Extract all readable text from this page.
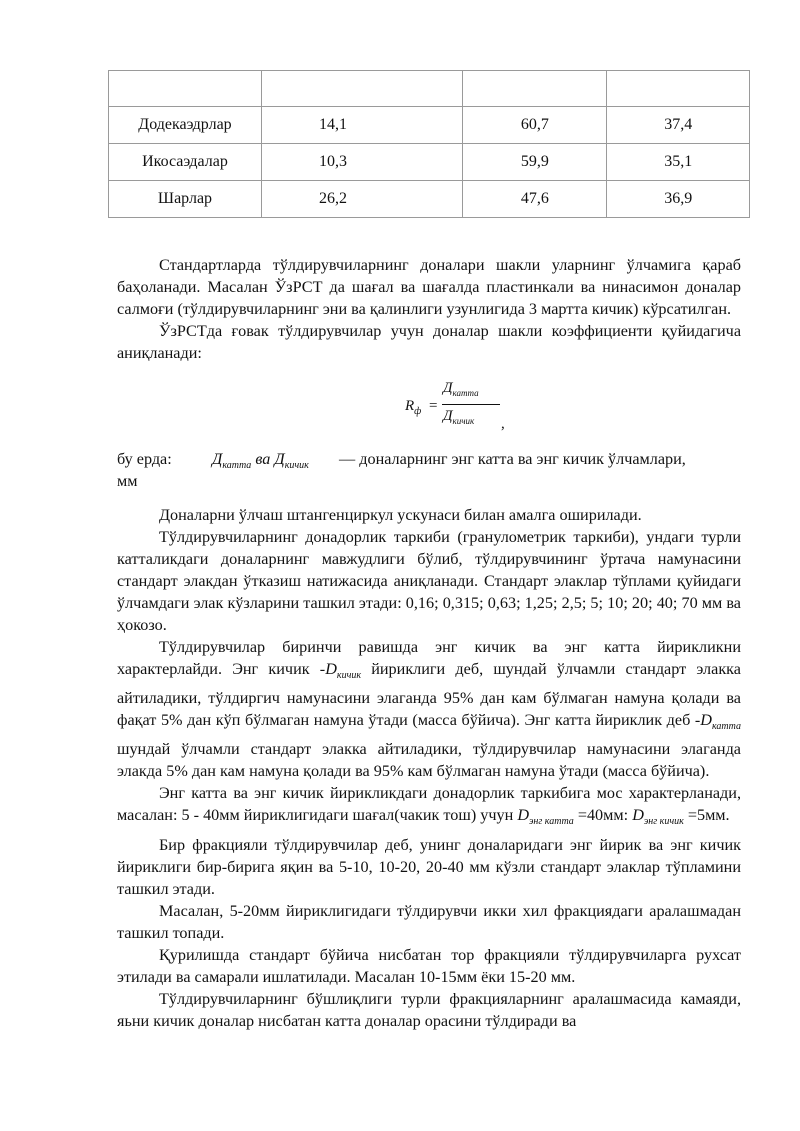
Додекаэдрлар	14,1	60,7	37,4
Икосаэдалар	10,3	59,9	35,1
Шарлар	26,2	47,6	36,9

Стандартларда тўлдирувчиларнинг доналари шакли уларнинг ўлчамига қараб баҳоланади. Масалан ЎзРСТ да шағал ва шағалда пластинкали ва нинасимон доналар салмоғи (тўлдирувчиларнинг эни ва қалинлиги узунлигида 3 мартта кичик) кўрсатилган.

ЎзРСТда ғовак тўлдирувчилар учун доналар шакли коэффициенти қуйидагича аниқланади:

$R_ф$ =
$Д_{катта}$
$Д_{кичик}$ ,
бу ерда: $Д_{катта}$ ва $Д_{кичик}$ — доналарнинг энг катта ва энг кичик ўлчамлари,
мм

Доналарни ўлчаш штангенциркул ускунаси билан амалга оширилади.

Тўлдирувчиларнинг донадорлик таркиби (гранулометрик таркиби), ундаги турли катталикдаги доналарнинг мавжудлиги бўлиб, тўлдирувчининг ўртача намунасини стандарт элакдан ўтказиш натижасида аниқланади. Стандарт элаклар тўплами қуйидаги ўлчамдаги элак кўзларини ташкил этади: 0,16; 0,315; 0,63; 1,25; 2,5; 5; 10; 20; 40; 70 мм ва ҳокозо.

Тўлдирувчилар биринчи равишда энг кичик ва энг катта йирикликни характерлайди. Энг кичик $-D_{кичик}$ йириклиги деб, шундай ўлчамли стандарт элакка айтиладики, тўлдиргич намунасини элаганда 95% дан кам бўлмаган намуна қолади ва фақат 5% дан кўп бўлмаган намуна ўтади (масса бўйича). Энг катта йириклик деб $-D_{катта}$ шундай ўлчамли стандарт элакка айтиладики, тўлдирувчилар намунасини элаганда элакда 5% дан кам намуна қолади ва 95% кам бўлмаган намуна ўтади (масса бўйича).

Энг катта ва энг кичик йирикликдаги донадорлик таркибига мос характерланади, масалан: 5 - 40мм йириклигидаги шағал(чакик тош) учун $D_{энг катта} =40мм$: $D_{энг кичик} =5мм$.

Бир фракцияли тўлдирувчилар деб, унинг доналаридаги энг йирик ва энг кичик йириклиги бир-бирига яқин ва 5-10, 10-20, 20-40 мм кўзли стандарт элаклар тўпламини ташкил этади.

Масалан, 5-20мм йириклигидаги тўлдирувчи икки хил фракциядаги аралашмадан ташкил топади.

Қурилишда стандарт бўйича нисбатан тор фракцияли тўлдирувчиларга рухсат этилади ва самарали ишлатилади. Масалан 10-15мм ёки 15-20 мм.

Тўлдирувчиларнинг бўшлиқлиги турли фракцияларнинг аралашмасида камаяди, яьни кичик доналар нисбатан катта доналар орасини тўлдиради ва
